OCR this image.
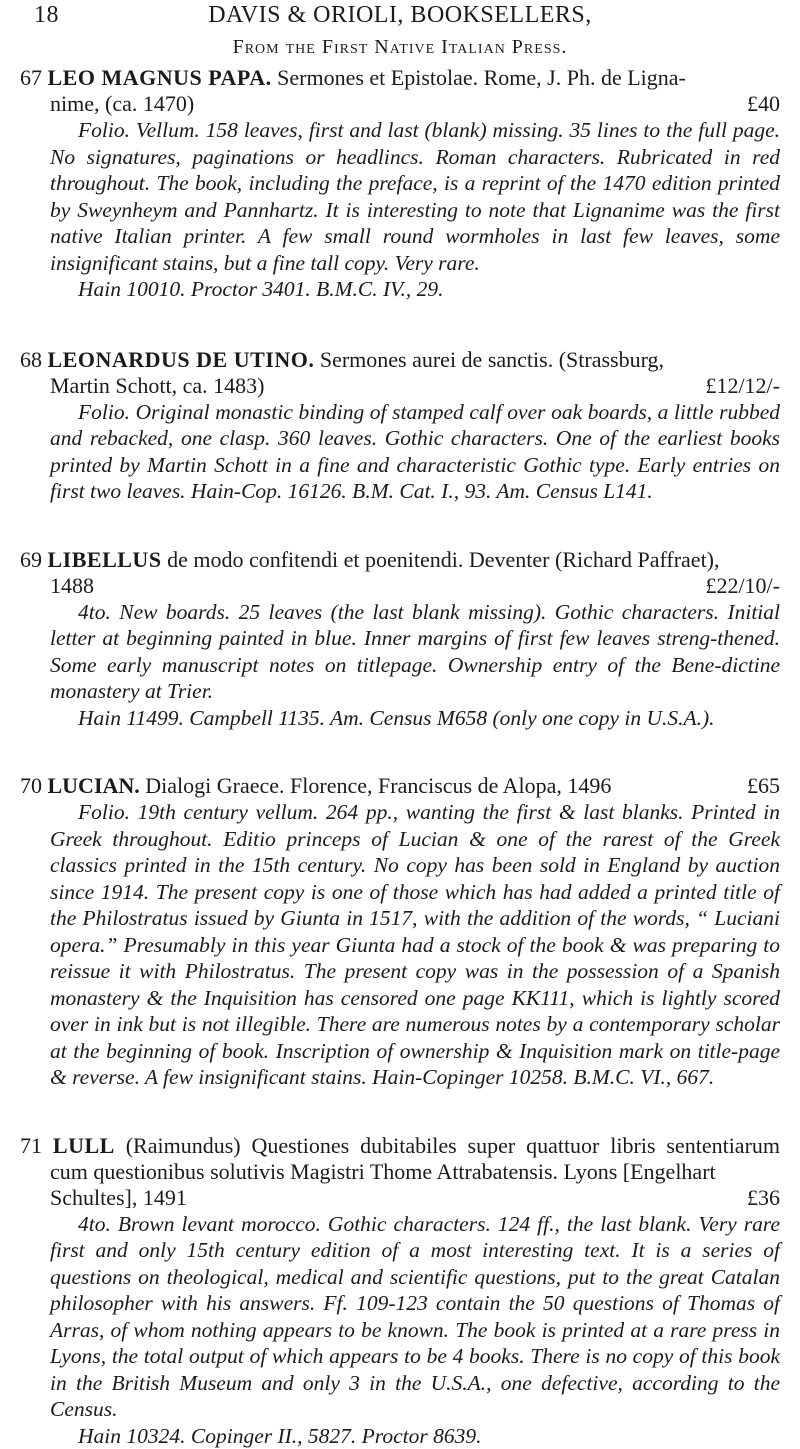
18	DAVIS & ORIOLI, BOOKSELLERS,
From the First Native Italian Press.
67 LEO MAGNUS PAPA. Sermones et Epistolae. Rome, J. Ph. de Ligna-
nime, (ca. 1470)	£40

Folio. Vellum. 158 leaves, first and last (blank) missing. 35 lines to the full page. No signatures, paginations or headlincs. Roman characters. Rubricated in red throughout. The book, including the preface, is a reprint of the 1470 edition printed by Sweynheym and Pannhartz. It is interesting to note that Lignanime was the first native Italian printer. A few small round wormholes in last few leaves, some insignificant stains, but a fine tall copy. Very rare.

Hain 10010. Proctor 3401. B.M.C. IV., 29.

68 LEONARDUS DE UTINO. Sermones aurei de sanctis. (Strassburg,
Martin Schott, ca. 1483)	£12/12/-

Folio. Original monastic binding of stamped calf over oak boards, a little rubbed and rebacked, one clasp. 360 leaves. Gothic characters. One of the earliest books printed by Martin Schott in a fine and characteristic Gothic type. Early entries on first two leaves. Hain-Cop. 16126. B.M. Cat. I., 93. Am. Census L141.

69 LIBELLUS de modo confitendi et poenitendi. Deventer (Richard Paffraet),
1488	£22/10/-

4to. New boards. 25 leaves (the last blank missing). Gothic characters. Initial letter at beginning painted in blue. Inner margins of first few leaves streng-thened. Some early manuscript notes on titlepage. Ownership entry of the Bene-dictine monastery at Trier.

Hain 11499. Campbell 1135. Am. Census M658 (only one copy in U.S.A.).

70 LUCIAN. Dialogi Graece. Florence, Franciscus de Alopa, 1496	£65

Folio. 19th century vellum. 264 pp., wanting the first & last blanks. Printed in Greek throughout. Editio princeps of Lucian & one of the rarest of the Greek classics printed in the 15th century. No copy has been sold in England by auction since 1914. The present copy is one of those which has had added a printed title of the Philostratus issued by Giunta in 1517, with the addition of the words, “ Luciani opera.” Presumably in this year Giunta had a stock of the book & was preparing to reissue it with Philostratus. The present copy was in the possession of a Spanish monastery & the Inquisition has censored one page KK111, which is lightly scored over in ink but is not illegible. There are numerous notes by a contemporary scholar at the beginning of book. Inscription of ownership & Inquisition mark on title-page & reverse. A few insignificant stains. Hain-Copinger 10258. B.M.C. VI., 667.

71 LULL (Raimundus) Questiones dubitabiles super quattuor libris sententiarum cum questionibus solutivis Magistri Thome Attrabatensis. Lyons [Engelhart
Schultes], 1491	£36

4to. Brown levant morocco. Gothic characters. 124 ff., the last blank. Very rare first and only 15th century edition of a most interesting text. It is a series of questions on theological, medical and scientific questions, put to the great Catalan philosopher with his answers. Ff. 109-123 contain the 50 questions of Thomas of Arras, of whom nothing appears to be known. The book is printed at a rare press in Lyons, the total output of which appears to be 4 books. There is no copy of this book in the British Museum and only 3 in the U.S.A., one defective, according to the Census.

Hain 10324. Copinger II., 5827. Proctor 8639.
